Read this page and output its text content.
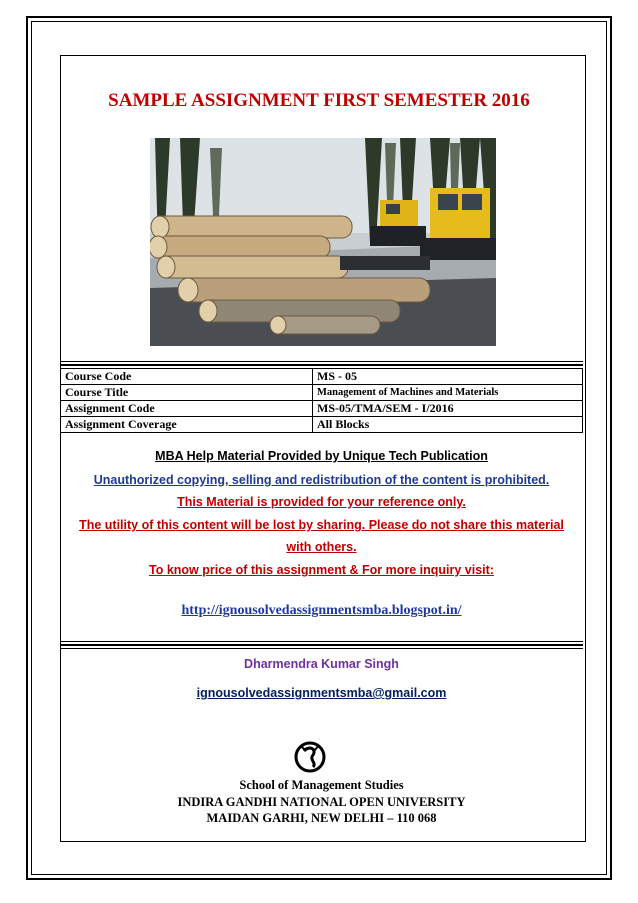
SAMPLE ASSIGNMENT FIRST SEMESTER 2016
Course Code	MS - 05
Course Title	Management of Machines and Materials
Assignment Code	MS-05/TMA/SEM - I/2016
Assignment Coverage	All Blocks
MBA Help Material Provided by Unique Tech Publication
Unauthorized copying, selling and redistribution of the content is prohibited.
This Material is provided for your reference only.
The utility of this content will be lost by sharing. Please do not share this material
with others.
To know price of this assignment & For more inquiry visit:
http://ignousolvedassignmentsmba.blogspot.in/
Dharmendra Kumar Singh
ignousolvedassignmentsmba@gmail.com
School of Management Studies
INDIRA GANDHI NATIONAL OPEN UNIVERSITY
MAIDAN GARHI, NEW DELHI – 110 068
